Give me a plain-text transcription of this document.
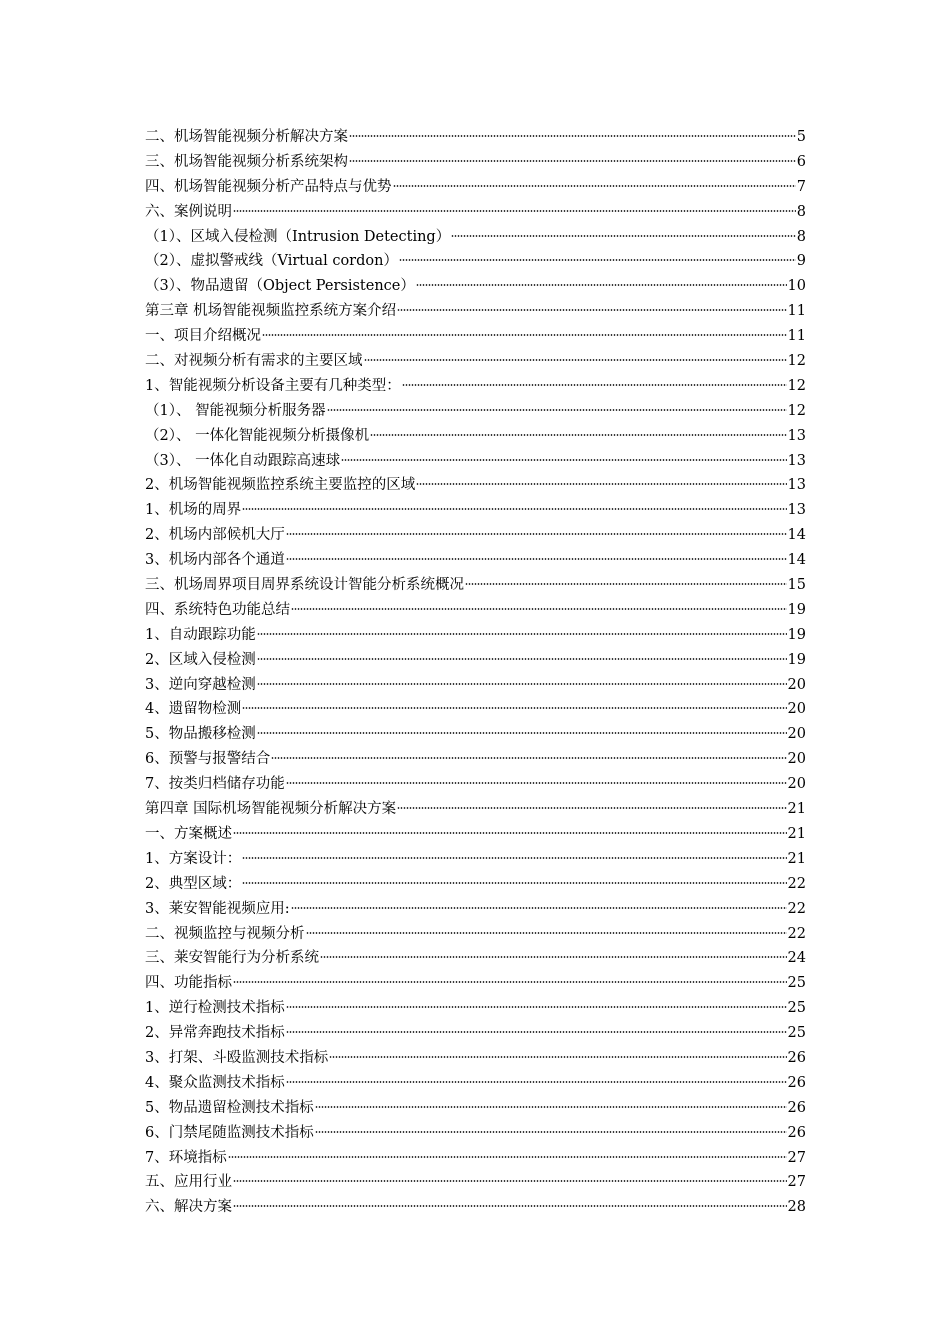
二、机场智能视频分析解决方案	5
三、机场智能视频分析系统架构	6
四、机场智能视频分析产品特点与优势	7
六、案例说明	8
（1）、区域入侵检测（Intrusion Detecting）	8
（2）、虚拟警戒线（Virtual cordon）	9
（3）、物品遗留（Object Persistence）	10
第三章 机场智能视频监控系统方案介绍	11
一、项目介绍概况	11
二、对视频分析有需求的主要区域	12
1、智能视频分析设备主要有几种类型：	12
（1）、 智能视频分析服务器	12
（2）、 一体化智能视频分析摄像机	13
（3）、 一体化自动跟踪高速球	13
2、机场智能视频监控系统主要监控的区域	13
1、机场的周界	13
2、机场内部候机大厅	14
3、机场内部各个通道	14
三、机场周界项目周界系统设计智能分析系统概况	15
四、系统特色功能总结	19
1、自动跟踪功能	19
2、区域入侵检测	19
3、逆向穿越检测	20
4、遗留物检测	20
5、物品搬移检测	20
6、预警与报警结合	20
7、按类归档储存功能	20
第四章 国际机场智能视频分析解决方案	21
一、方案概述	21
1、方案设计：	21
2、典型区域：	22
3、莱安智能视频应用:	22
二、视频监控与视频分析	22
三、莱安智能行为分析系统	24
四、功能指标	25
1、逆行检测技术指标	25
2、异常奔跑技术指标	25
3、打架、斗殴监测技术指标	26
4、聚众监测技术指标	26
5、物品遗留检测技术指标	26
6、门禁尾随监测技术指标	26
7、环境指标	27
五、应用行业	27
六、解决方案	28
